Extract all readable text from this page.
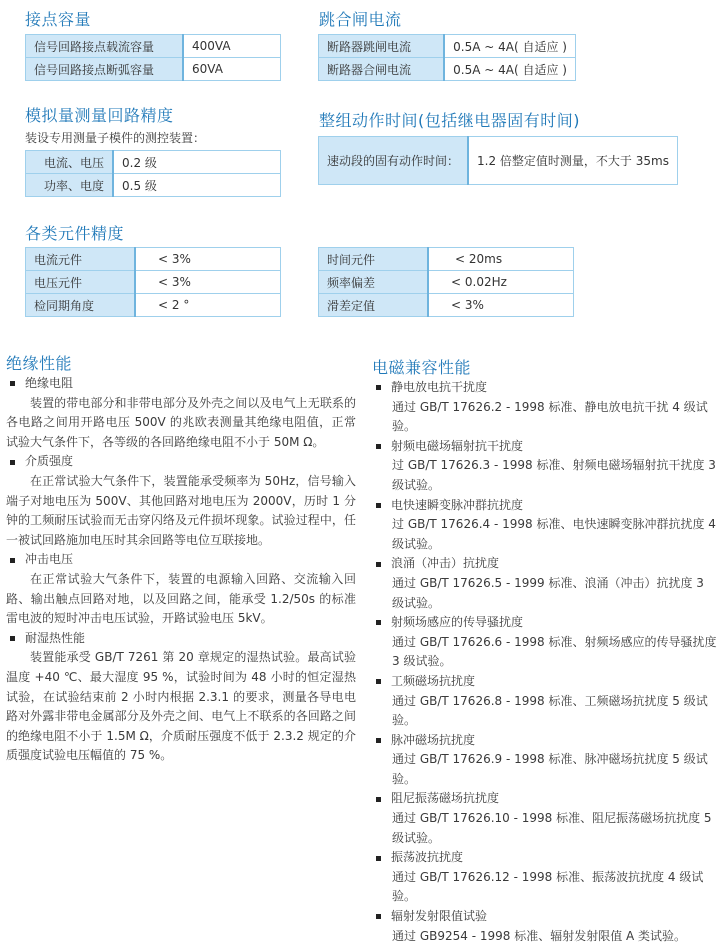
接点容量
信号回路接点载流容量	400VA
信号回路接点断弧容量	60VA
跳合闸电流
断路器跳闸电流	0.5A ~ 4A( 自适应 )
断路器合闸电流	0.5A ~ 4A( 自适应 )
模拟量测量回路精度
装设专用测量子模件的测控装置：
电流、电压	0.2 级
功率、电度	0.5 级
整组动作时间(包括继电器固有时间)
速动段的固有动作时间：	1.2 倍整定值时测量，不大于 35ms
各类元件精度
电流元件	< 3%
电压元件	< 3%
检同期角度	< 2 °
时间元件	< 20ms
频率偏差	< 0.02Hz
滑差定值	< 3%
绝缘性能
绝缘电阻
装置的带电部分和非带电部分及外壳之间以及电气上无联系的各电路之间用开路电压 500V 的兆欧表测量其绝缘电阻值，正常试验大气条件下，各等级的各回路绝缘电阻不小于 50M Ω。
介质强度
在正常试验大气条件下，装置能承受频率为 50Hz，信号输入端子对地电压为 500V、其他回路对地电压为 2000V，历时 1 分钟的工频耐压试验而无击穿闪络及元件损坏现象。试验过程中，任一被试回路施加电压时其余回路等电位互联接地。
冲击电压
在正常试验大气条件下，装置的电源输入回路、交流输入回路、输出触点回路对地，以及回路之间，能承受 1.2/50s 的标准雷电波的短时冲击电压试验，开路试验电压 5kV。
耐湿热性能
装置能承受 GB/T 7261 第 20 章规定的湿热试验。最高试验温度 +40 ℃、最大湿度 95 %，试验时间为 48 小时的恒定湿热试验，在试验结束前 2 小时内根据 2.3.1 的要求，测量各导电电路对外露非带电金属部分及外壳之间、电气上不联系的各回路之间的绝缘电阻不小于 1.5M Ω，介质耐压强度不低于 2.3.2 规定的介质强度试验电压幅值的 75 %。
电磁兼容性能
静电放电抗干扰度
通过 GB/T 17626.2 - 1998 标准、静电放电抗干扰 4 级试验。
射频电磁场辐射抗干扰度
过 GB/T 17626.3 - 1998 标准、射频电磁场辐射抗干扰度 3 级试验。
电快速瞬变脉冲群抗扰度
过 GB/T 17626.4 - 1998 标准、电快速瞬变脉冲群抗扰度 4 级试验。
浪涌（冲击）抗扰度
通过 GB/T 17626.5 - 1999 标准、浪涌（冲击）抗扰度 3 级试验。
射频场感应的传导骚扰度
通过 GB/T 17626.6 - 1998 标准、射频场感应的传导骚扰度 3 级试验。
工频磁场抗扰度
通过 GB/T 17626.8 - 1998 标准、工频磁场抗扰度 5 级试验。
脉冲磁场抗扰度
通过 GB/T 17626.9 - 1998 标准、脉冲磁场抗扰度 5 级试验。
阻尼振荡磁场抗扰度
通过 GB/T 17626.10 - 1998 标准、阻尼振荡磁场抗扰度 5 级试验。
振荡波抗扰度
通过 GB/T 17626.12 - 1998 标准、振荡波抗扰度 4 级试验。
辐射发射限值试验
通过 GB9254 - 1998 标准、辐射发射限值 A 类试验。
